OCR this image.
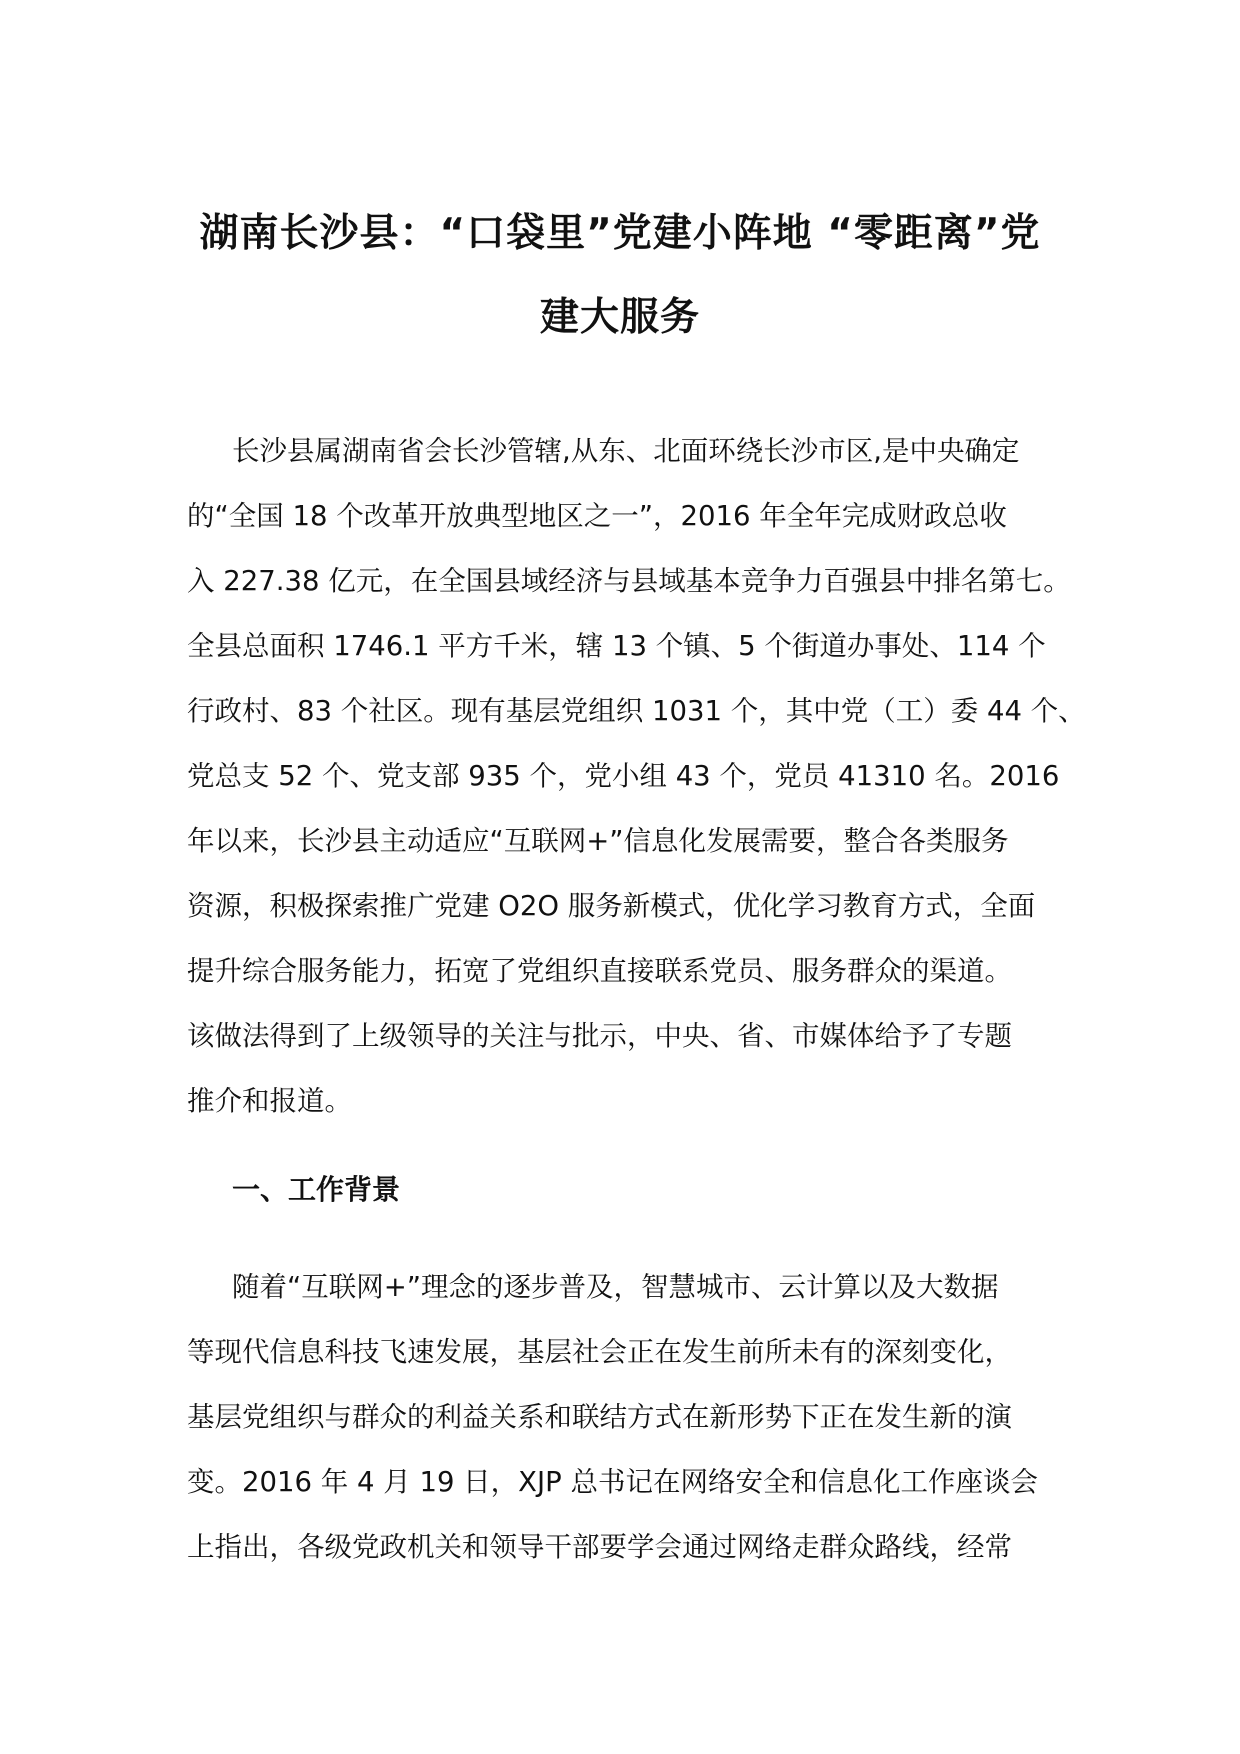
湖南长沙县：“口袋里”党建小阵地 “零距离”党
建大服务
长沙县属湖南省会长沙管辖,从东、北面环绕长沙市区,是中央确定
的“全国 18 个改革开放典型地区之一”，2016 年全年完成财政总收
入 227.38 亿元，在全国县域经济与县域基本竞争力百强县中排名第七。
全县总面积 1746.1 平方千米，辖 13 个镇、5 个街道办事处、114 个
行政村、83 个社区。现有基层党组织 1031 个，其中党（工）委 44 个、
党总支 52 个、党支部 935 个，党小组 43 个，党员 41310 名。2016
年以来，长沙县主动适应“互联网+”信息化发展需要，整合各类服务
资源，积极探索推广党建 O2O 服务新模式，优化学习教育方式，全面
提升综合服务能力，拓宽了党组织直接联系党员、服务群众的渠道。
该做法得到了上级领导的关注与批示，中央、省、市媒体给予了专题
推介和报道。
一、工作背景
随着“互联网+”理念的逐步普及，智慧城市、云计算以及大数据
等现代信息科技飞速发展，基层社会正在发生前所未有的深刻变化，
基层党组织与群众的利益关系和联结方式在新形势下正在发生新的演
变。2016 年 4 月 19 日，XJP 总书记在网络安全和信息化工作座谈会
上指出，各级党政机关和领导干部要学会通过网络走群众路线，经常
